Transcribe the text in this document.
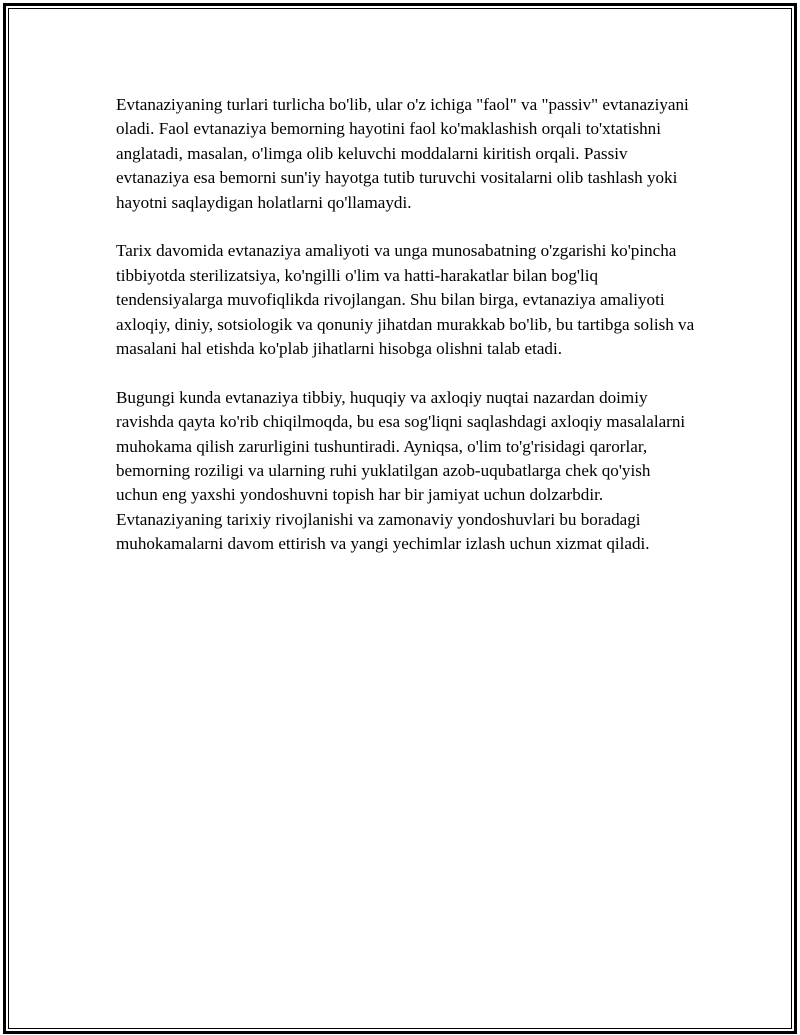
Evtanaziyaning turlari turlicha bo'lib, ular o'z ichiga "faol" va "passiv" evtanaziyani oladi. Faol evtanaziya bemorning hayotini faol ko'maklashish orqali to'xtatishni anglatadi, masalan, o'limga olib keluvchi moddalarni kiritish orqali. Passiv evtanaziya esa bemorni sun'iy hayotga tutib turuvchi vositalarni olib tashlash yoki hayotni saqlaydigan holatlarni qo'llamaydi.

Tarix davomida evtanaziya amaliyoti va unga munosabatning o'zgarishi ko'pincha tibbiyotda sterilizatsiya, ko'ngilli o'lim va hatti-harakatlar bilan bog'liq tendensiyalarga muvofiqlikda rivojlangan. Shu bilan birga, evtanaziya amaliyoti axloqiy, diniy, sotsiologik va qonuniy jihatdan murakkab bo'lib, bu tartibga solish va masalani hal etishda ko'plab jihatlarni hisobga olishni talab etadi.

Bugungi kunda evtanaziya tibbiy, huquqiy va axloqiy nuqtai nazardan doimiy ravishda qayta ko'rib chiqilmoqda, bu esa sog'liqni saqlashdagi axloqiy masalalarni muhokama qilish zarurligini tushuntiradi. Ayniqsa, o'lim to'g'risidagi qarorlar, bemorning roziligi va ularning ruhi yuklatilgan azob-uqubatlarga chek qo'yish uchun eng yaxshi yondoshuvni topish har bir jamiyat uchun dolzarbdir. Evtanaziyaning tarixiy rivojlanishi va zamonaviy yondoshuvlari bu boradagi muhokamalarni davom ettirish va yangi yechimlar izlash uchun xizmat qiladi.
